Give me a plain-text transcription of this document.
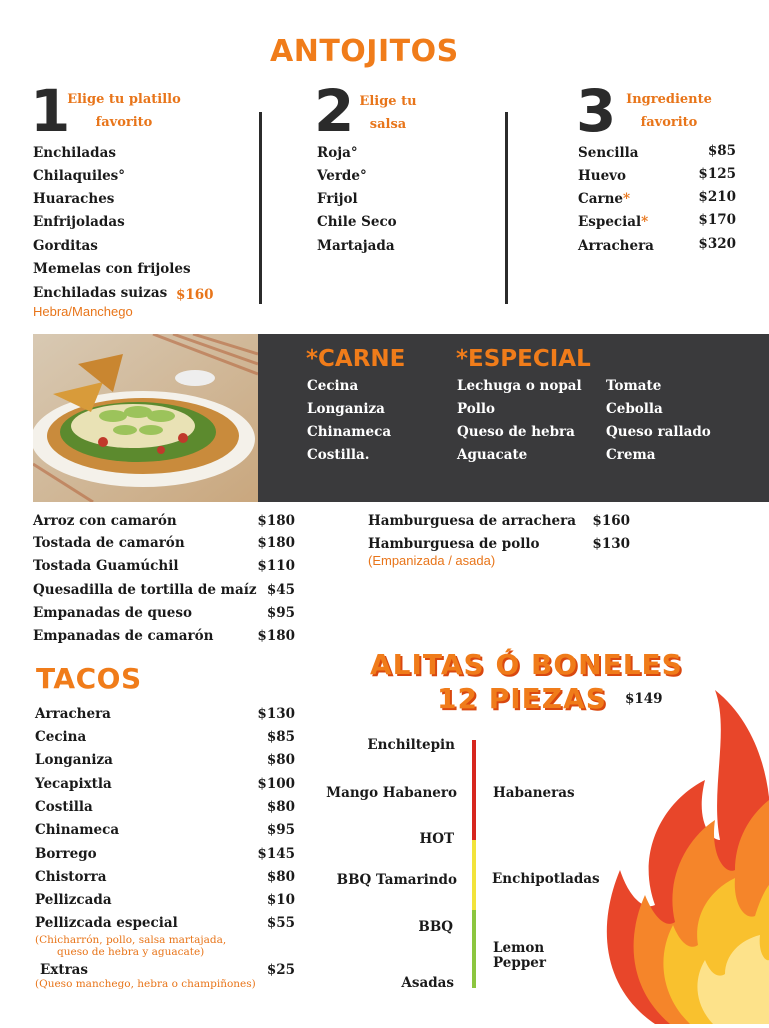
ANTOJITOS
1
Elige tu platillo
favorito	2 Elige tu
salsa	3 Ingrediente
favorito
Enchiladas
Chilaquiles°
Huaraches
Enfrijoladas
Gorditas
Memelas con frijoles
Enchiladas suizas $160
Hebra/Manchego
Roja°
Verde°
Frijol
Chile Seco
Martajada
Sencilla	$85
Huevo	$125
Carne*	$210
Especial*	$170
Arrachera	$320
*CARNE *ESPECIAL
Cecina
Longaniza
Chinameca
Costilla.
Lechuga o nopal
Pollo
Queso de hebra
Aguacate
Tomate
Cebolla
Queso rallado
Crema
Arroz con camarón	$180
Tostada de camarón	$180
Tostada Guamúchil	$110
Quesadilla de tortilla de maíz $45
Empanadas de queso	$95
Empanadas de camarón	$180
Hamburguesa de arrachera	$160
Hamburguesa de pollo	$130
(Empanizada / asada)
TACOS
Arrachera	$130
Cecina	$85
Longaniza	$80
Yecapixtla	$100
Costilla	$80
Chinameca	$95
Borrego	$145
Chistorra	$80
Pellizcada	$10
Pellizcada especial	$55
(Chicharrón, pollo, salsa martajada,
queso de hebra y aguacate)
Extras	$25
(Queso manchego, hebra o champiñones)
ALITAS Ó BONELES
12 PIEZAS $149
Enchiltepin
Mango Habanero
HOT
BBQ Tamarindo
BBQ
Asadas
Habaneras
Enchipotladas
Lemon
Pepper
